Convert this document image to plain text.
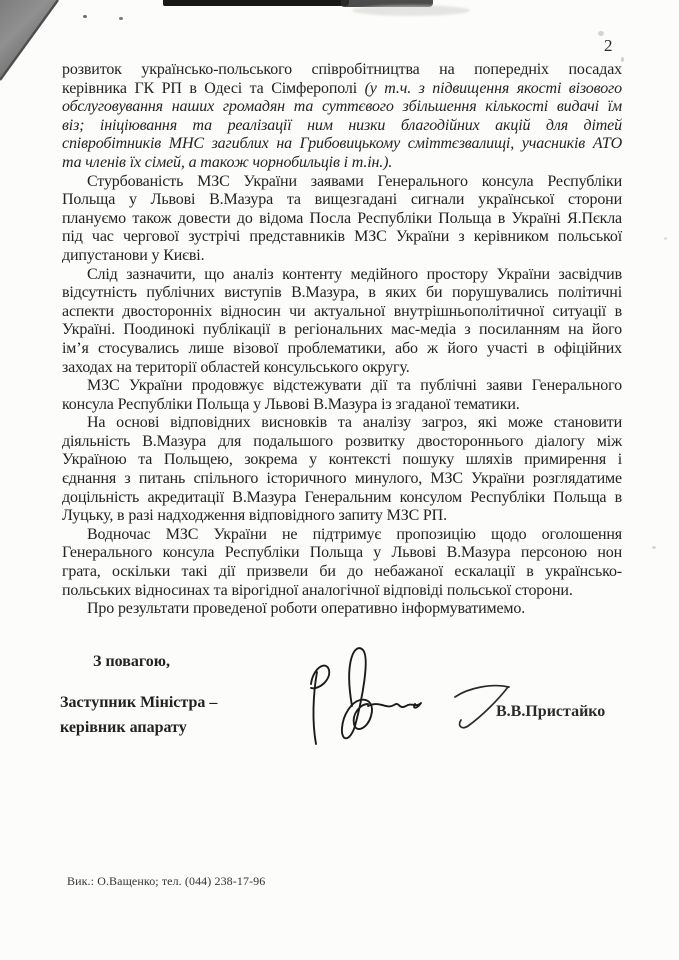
2
розвиток українсько-польського співробітництва на попередніх посадах
керівника ГК РП в Одесі та Сімферополі (у т.ч. з підвищення якості візового
обслуговування наших громадян та суттєвого збільшення кількості видачі їм
віз; ініціювання та реалізації ним низки благодійних акцій для дітей
співробітників МНС загиблих на Грибовицькому сміттєзвалищі, учасників АТО
та членів їх сімей, а також чорнобильців і т.ін.).
Стурбованість МЗС України заявами Генерального консула Республіки
Польща у Львові В.Мазура та вищезгадані сигнали української сторони
плануємо також довести до відома Посла Республіки Польща в Україні Я.Пєкла
під час чергової зустрічі представників МЗС України з керівником польської
дипустанови у Києві.
Слід зазначити, що аналіз контенту медійного простору України засвідчив
відсутність публічних виступів В.Мазура, в яких би порушувались політичні
аспекти двосторонніх відносин чи актуальної внутрішньополітичної ситуації в
Україні. Поодинокі публікації в регіональних мас-медіа з посиланням на його
ім’я стосувались лише візової проблематики, або ж його участі в офіційних
заходах на території областей консульського округу.
МЗС України продовжує відстежувати дії та публічні заяви Генерального
консула Республіки Польща у Львові В.Мазура із згаданої тематики.
На основі відповідних висновків та аналізу загроз, які може становити
діяльність В.Мазура для подальшого розвитку двостороннього діалогу між
Україною та Польщею, зокрема у контексті пошуку шляхів примирення і
єднання з питань спільного історичного минулого, МЗС України розглядатиме
доцільність акредитації В.Мазура Генеральним консулом Республіки Польща в
Луцьку, в разі надходження відповідного запиту МЗС РП.
Водночас МЗС України не підтримує пропозицію щодо оголошення
Генерального консула Республіки Польща у Львові В.Мазура персоною нон
грата, оскільки такі дії призвели би до небажаної ескалації в українсько-
польських відносинах та вірогідної аналогічної відповіді польської сторони.
Про результати проведеної роботи оперативно інформуватимемо.
З повагою,
Заступник Міністра –
керівник апарату
В.В.Пристайко
Вик.: О.Ващенко; тел. (044) 238-17-96
